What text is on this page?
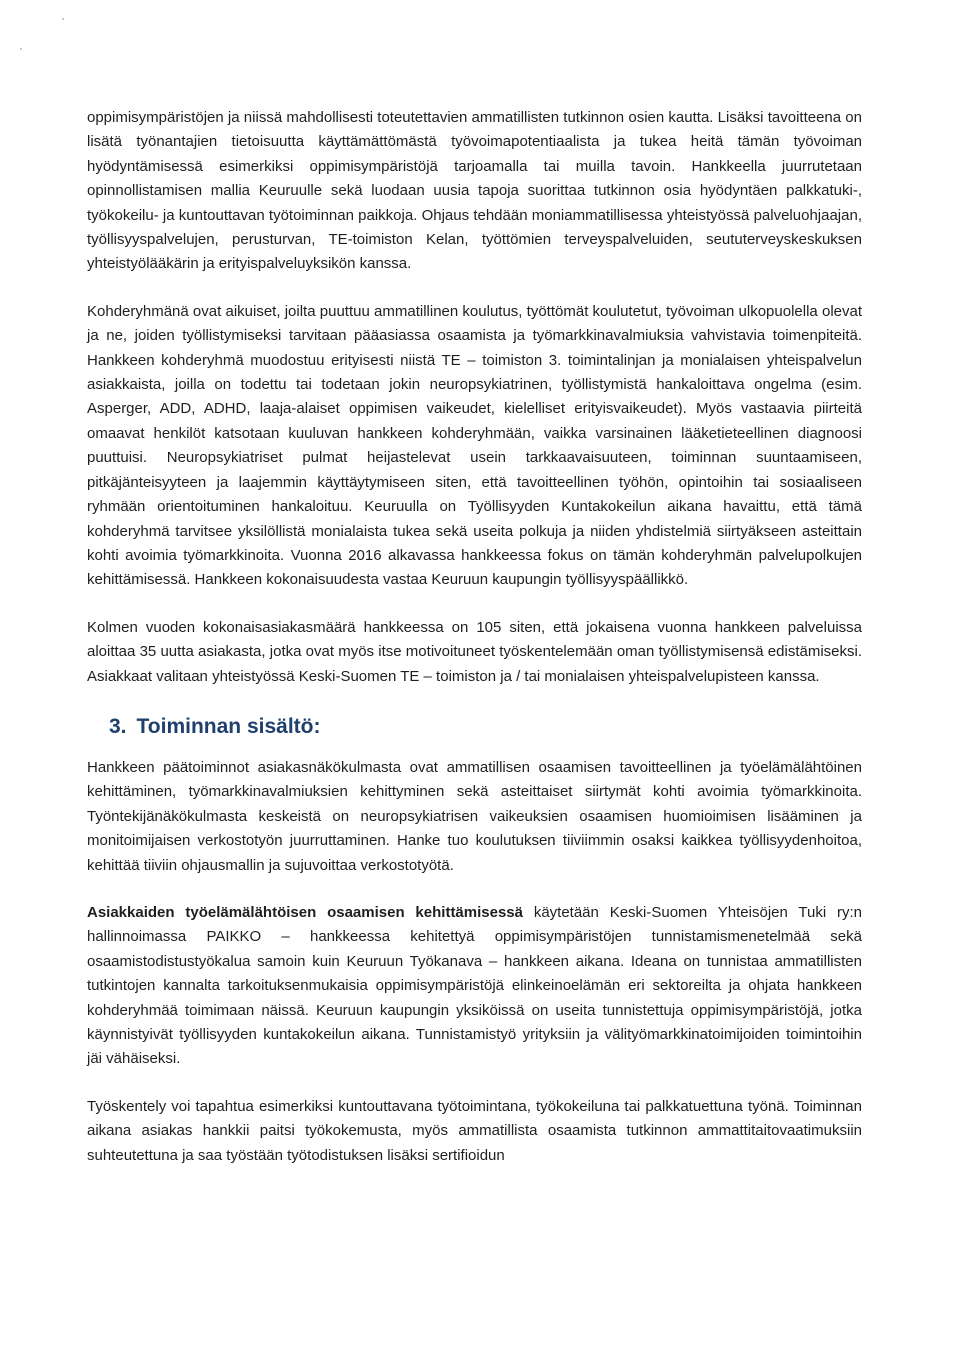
oppimisympäristöjen ja niissä mahdollisesti toteutettavien ammatillisten tutkinnon osien kautta. Lisäksi tavoitteena on lisätä työnantajien tietoisuutta käyttämättömästä työvoimapotentiaalista ja tukea heitä tämän työvoiman hyödyntämisessä esimerkiksi oppimisympäristöjä tarjoamalla tai muilla tavoin. Hankkeella juurrutetaan opinnollistamisen mallia Keuruulle sekä luodaan uusia tapoja suorittaa tutkinnon osia hyödyntäen palkkatuki-, työkokeilu- ja kuntouttavan työtoiminnan paikkoja. Ohjaus tehdään moniammatillisessa yhteistyössä palveluohjaajan, työllisyyspalvelujen, perusturvan, TE-toimiston Kelan, työttömien terveyspalveluiden, seututerveyskeskuksen yhteistyölääkärin ja erityispalveluyksikön kanssa.

Kohderyhmänä ovat aikuiset, joilta puuttuu ammatillinen koulutus, työttömät koulutetut, työvoiman ulkopuolella olevat ja ne, joiden työllistymiseksi tarvitaan pääasiassa osaamista ja työmarkkinavalmiuksia vahvistavia toimenpiteitä. Hankkeen kohderyhmä muodostuu erityisesti niistä TE – toimiston 3. toimintalinjan ja monialaisen yhteispalvelun asiakkaista, joilla on todettu tai todetaan jokin neuropsykiatrinen, työllistymistä hankaloittava ongelma (esim. Asperger, ADD, ADHD, laaja-alaiset oppimisen vaikeudet, kielelliset erityisvaikeudet). Myös vastaavia piirteitä omaavat henkilöt katsotaan kuuluvan hankkeen kohderyhmään, vaikka varsinainen lääketieteellinen diagnoosi puuttuisi. Neuropsykiatriset pulmat heijastelevat usein tarkkaavaisuuteen, toiminnan suuntaamiseen, pitkäjänteisyyteen ja laajemmin käyttäytymiseen siten, että tavoitteellinen työhön, opintoihin tai sosiaaliseen ryhmään orientoituminen hankaloituu. Keuruulla on Työllisyyden Kuntakokeilun aikana havaittu, että tämä kohderyhmä tarvitsee yksilöllistä monialaista tukea sekä useita polkuja ja niiden yhdistelmiä siirtyäkseen asteittain kohti avoimia työmarkkinoita. Vuonna 2016 alkavassa hankkeessa fokus on tämän kohderyhmän palvelupolkujen kehittämisessä. Hankkeen kokonaisuudesta vastaa Keuruun kaupungin työllisyyspäällikkö.

Kolmen vuoden kokonaisasiakasmäärä hankkeessa on 105 siten, että jokaisena vuonna hankkeen palveluissa aloittaa 35 uutta asiakasta, jotka ovat myös itse motivoituneet työskentelemään oman työllistymisensä edistämiseksi. Asiakkaat valitaan yhteistyössä Keski-Suomen TE – toimiston ja / tai monialaisen yhteispalvelupisteen kanssa.

3. Toiminnan sisältö:

Hankkeen päätoiminnot asiakasnäkökulmasta ovat ammatillisen osaamisen tavoitteellinen ja työelämälähtöinen kehittäminen, työmarkkinavalmiuksien kehittyminen sekä asteittaiset siirtymät kohti avoimia työmarkkinoita. Työntekijänäkökulmasta keskeistä on neuropsykiatrisen vaikeuksien osaamisen huomioimisen lisääminen ja monitoimijaisen verkostotyön juurruttaminen. Hanke tuo koulutuksen tiiviimmin osaksi kaikkea työllisyydenhoitoa, kehittää tiiviin ohjausmallin ja sujuvoittaa verkostotyötä.

Asiakkaiden työelämälähtöisen osaamisen kehittämisessä käytetään Keski-Suomen Yhteisöjen Tuki ry:n hallinnoimassa PAIKKO – hankkeessa kehitettyä oppimisympäristöjen tunnistamismenetelmää sekä osaamistodistustyökalua samoin kuin Keuruun Työkanava – hankkeen aikana. Ideana on tunnistaa ammatillisten tutkintojen kannalta tarkoituksenmukaisia oppimisympäristöjä elinkeinoelämän eri sektoreilta ja ohjata hankkeen kohderyhmää toimimaan näissä. Keuruun kaupungin yksiköissä on useita tunnistettuja oppimisympäristöjä, jotka käynnistyivät työllisyyden kuntakokeilun aikana. Tunnistamistyö yrityksiin ja välityömarkkinatoimijoiden toimintoihin jäi vähäiseksi.

Työskentely voi tapahtua esimerkiksi kuntouttavana työtoimintana, työkokeiluna tai palkkatuettuna työnä. Toiminnan aikana asiakas hankkii paitsi työkokemusta, myös ammatillista osaamista tutkinnon ammattitaitovaatimuksiin suhteutettuna ja saa työstään työtodistuksen lisäksi sertifioidun
